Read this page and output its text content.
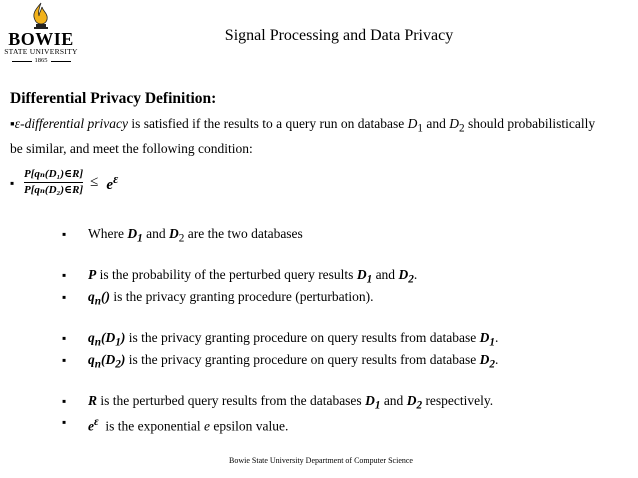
BOWIE
STATE UNIVERSITY
1865
Signal Processing and Data Privacy
Differential Privacy Definition:
▪ε-differential privacy is satisfied if the results to a query run on database $D_1$ and $D_2$ should probabilistically be similar, and meet the following condition:
▪ $\frac{\text{P[qₙ(D₁)∈R]}}{\text{P[qₙ(D₂)∈R]}} \le e^\varepsilon$
▪ Where $D_1$ and $D_2$ are the two databases
▪ P is the probability of the perturbed query results $D_1$ and $D_2$.
▪ $q_n()$ is the privacy granting procedure (perturbation).
▪ $q_n(D_1)$ is the privacy granting procedure on query results from database $D_1$.
▪ $q_n(D_2)$ is the privacy granting procedure on query results from database $D_2$.
▪ R is the perturbed query results from the databases $D_1$ and $D_2$ respectively.
▪ $e^\varepsilon$  is the exponential e epsilon value.
Bowie State University Department of Computer Science
